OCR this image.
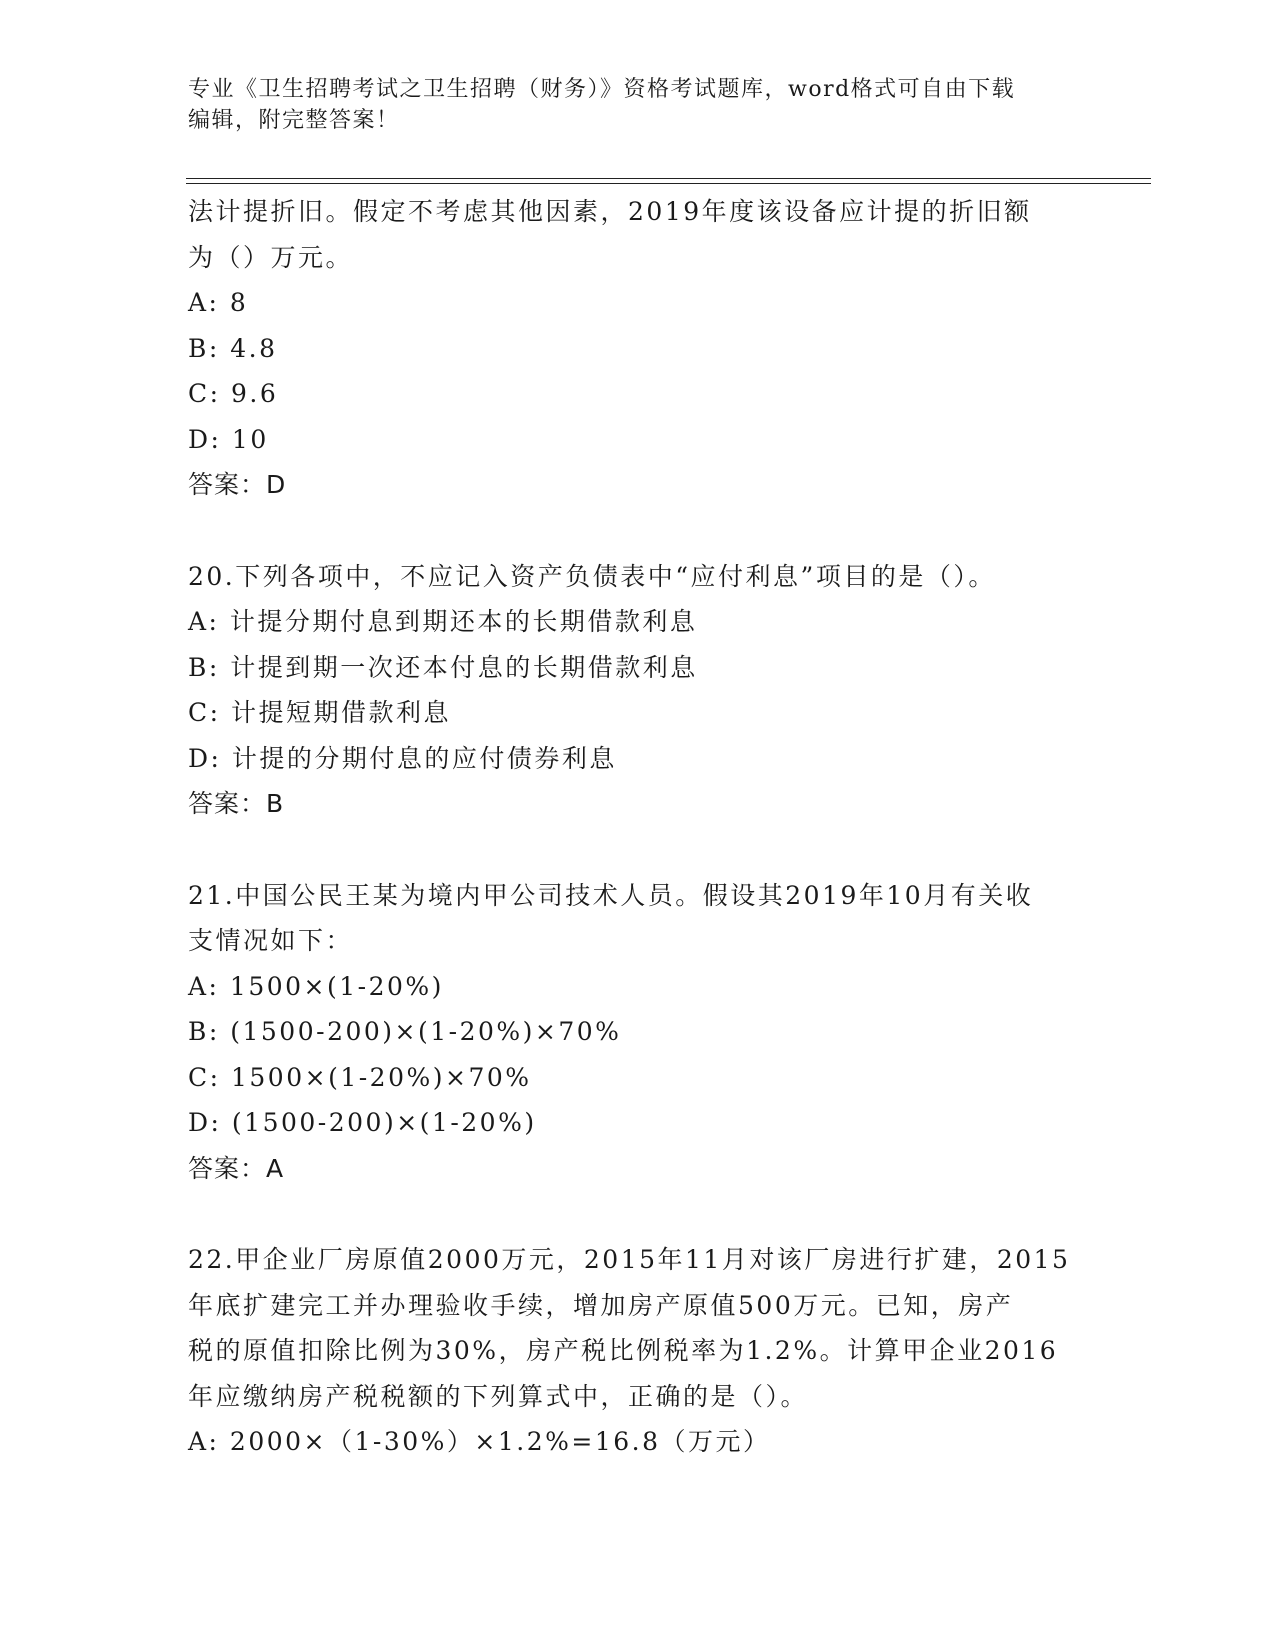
专业《卫生招聘考试之卫生招聘（财务）》资格考试题库，word格式可自由下载
编辑，附完整答案！
法计提折旧。假定不考虑其他因素，2019年度该设备应计提的折旧额
为（）万元。
A: 8
B: 4.8
C: 9.6
D: 10
答案：D
20.下列各项中，不应记入资产负债表中“应付利息”项目的是（）。
A: 计提分期付息到期还本的长期借款利息
B: 计提到期一次还本付息的长期借款利息
C: 计提短期借款利息
D: 计提的分期付息的应付债券利息
答案：B
21.中国公民王某为境内甲公司技术人员。假设其2019年10月有关收
支情况如下：
A: 1500×(1-20%)
B: (1500-200)×(1-20%)×70%
C: 1500×(1-20%)×70%
D: (1500-200)×(1-20%)
答案：A
22.甲企业厂房原值2000万元，2015年11月对该厂房进行扩建，2015
年底扩建完工并办理验收手续，增加房产原值500万元。已知，房产
税的原值扣除比例为30%，房产税比例税率为1.2%。计算甲企业2016
年应缴纳房产税税额的下列算式中，正确的是（）。
A: 2000×（1-30%）×1.2%=16.8（万元）
